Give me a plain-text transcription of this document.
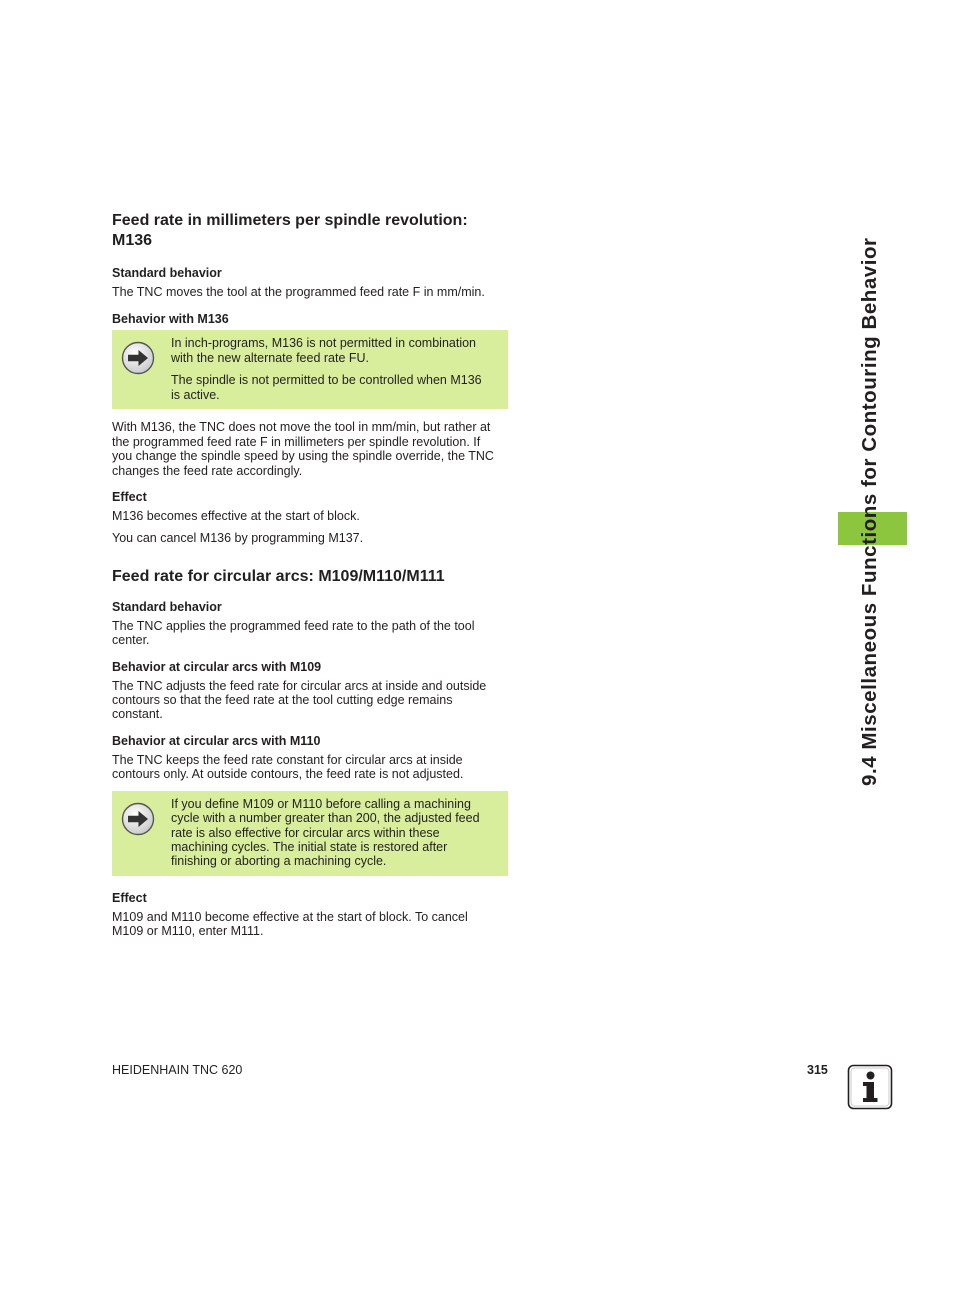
9.4 Miscellaneous Functions for Contouring Behavior
Feed rate in millimeters per spindle revolution:
M136
Standard behavior

The TNC moves the tool at the programmed feed rate F in mm/min.

Behavior with M136

In inch-programs, M136 is not permitted in combination
with the new alternate feed rate FU.

The spindle is not permitted to be controlled when M136
is active.

With M136, the TNC does not move the tool in mm/min, but rather at
the programmed feed rate F in millimeters per spindle revolution. If
you change the spindle speed by using the spindle override, the TNC
changes the feed rate accordingly.

Effect

M136 becomes effective at the start of block.

You can cancel M136 by programming M137.

Feed rate for circular arcs: M109/M110/M111
Standard behavior

The TNC applies the programmed feed rate to the path of the tool
center.

Behavior at circular arcs with M109

The TNC adjusts the feed rate for circular arcs at inside and outside
contours so that the feed rate at the tool cutting edge remains
constant.

Behavior at circular arcs with M110

The TNC keeps the feed rate constant for circular arcs at inside
contours only. At outside contours, the feed rate is not adjusted.

If you define M109 or M110 before calling a machining
cycle with a number greater than 200, the adjusted feed
rate is also effective for circular arcs within these
machining cycles. The initial state is restored after
finishing or aborting a machining cycle.

Effect

M109 and M110 become effective at the start of block. To cancel
M109 or M110, enter M111.

HEIDENHAIN TNC 620	315
